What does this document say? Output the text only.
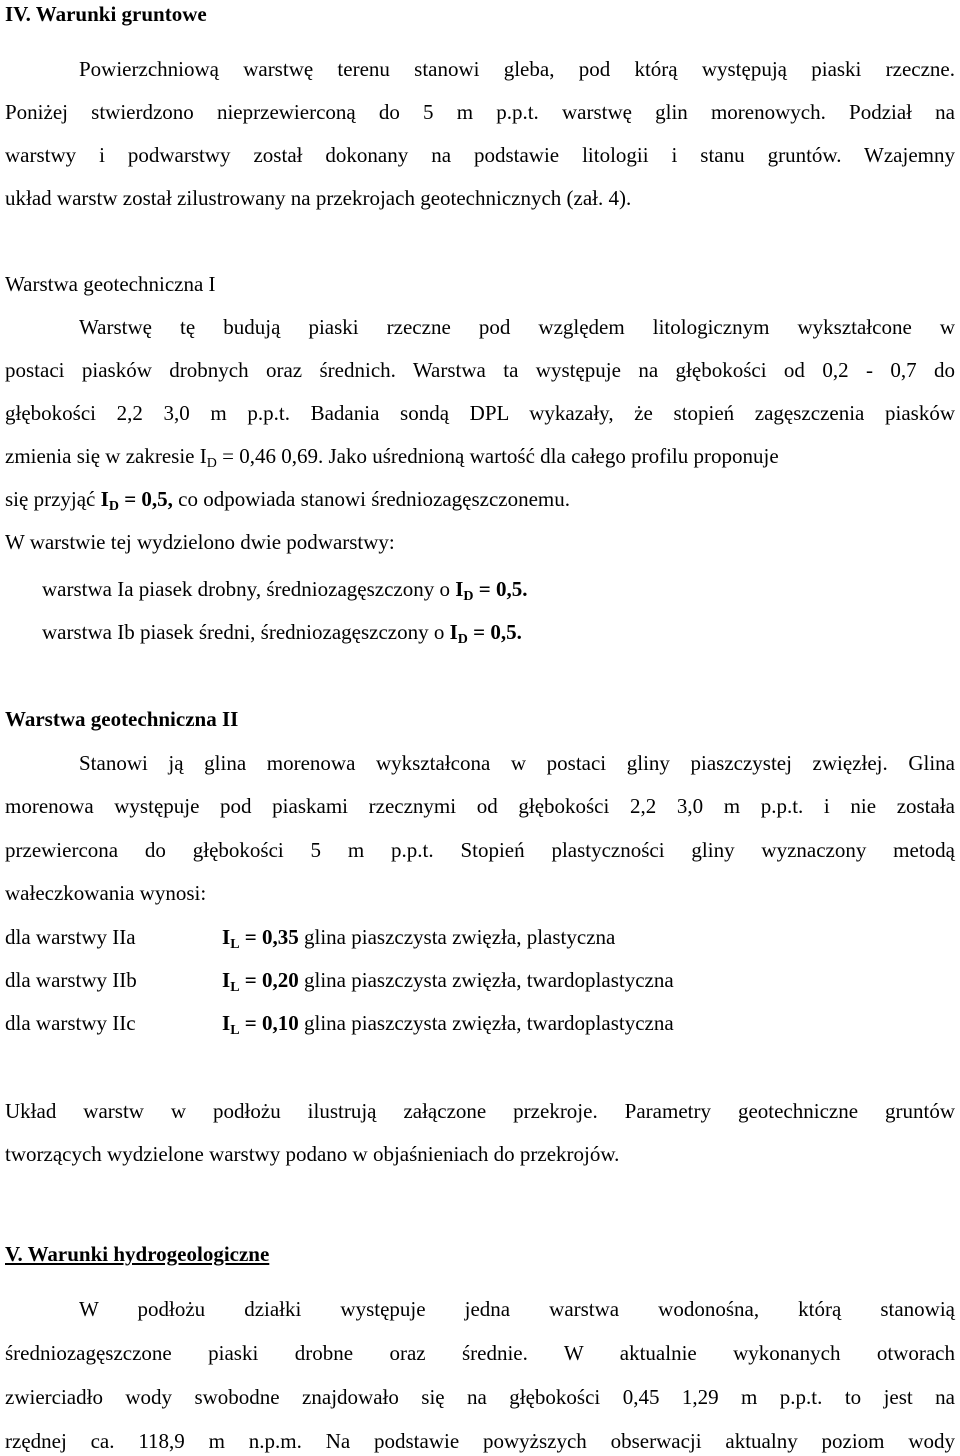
IV. Warunki gruntowe
Powierzchniową warstwę terenu stanowi gleba, pod którą występują piaski rzeczne.
Poniżej stwierdzono nieprzewierconą do 5 m p.p.t. warstwę glin morenowych. Podział na
warstwy i podwarstwy został dokonany na podstawie litologii i stanu gruntów. Wzajemny
układ warstw został zilustrowany na przekrojach geotechnicznych (zał. 4).
Warstwa geotechniczna I
Warstwę tę budują piaski rzeczne pod względem litologicznym wykształcone w
postaci piasków drobnych oraz średnich. Warstwa ta występuje na głębokości od 0,2 - 0,7 do
głębokości 2,2 3,0 m p.p.t. Badania sondą DPL wykazały, że stopień zagęszczenia piasków
zmienia się w zakresie $I_D = 0,46$ 0,69. Jako uśrednioną wartość dla całego profilu proponuje
się przyjąć $I_D = 0,5$, co odpowiada stanowi średniozagęszczonemu.
W warstwie tej wydzielono dwie podwarstwy:
warstwa Ia piasek drobny, średniozagęszczony o $I_D = 0,5$.
warstwa Ib piasek średni, średniozagęszczony o $I_D = 0,5$.
Warstwa geotechniczna II
Stanowi ją glina morenowa wykształcona w postaci gliny piaszczystej zwięzłej. Glina
morenowa występuje pod piaskami rzecznymi od głębokości 2,2 3,0 m p.p.t. i nie została
przewiercona do głębokości 5 m p.p.t. Stopień plastyczności gliny wyznaczony metodą
wałeczkowania wynosi:
dla warstwy IIa	$I_L = 0,35$ glina piaszczysta zwięzła, plastyczna
dla warstwy IIb	$I_L = 0,20$ glina piaszczysta zwięzła, twardoplastyczna
dla warstwy IIc	$I_L = 0,10$ glina piaszczysta zwięzła, twardoplastyczna
Układ warstw w podłożu ilustrują załączone przekroje. Parametry geotechniczne gruntów
tworzących wydzielone warstwy podano w objaśnieniach do przekrojów.
V. Warunki hydrogeologiczne
W podłożu działki występuje jedna warstwa wodonośna, którą stanowią
średniozagęszczone piaski drobne oraz średnie. W aktualnie wykonanych otworach
zwierciadło wody swobodne znajdowało się na głębokości 0,45 1,29 m p.p.t. to jest na
rzędnej ca. 118,9 m n.p.m. Na podstawie powyższych obserwacji aktualny poziom wody
